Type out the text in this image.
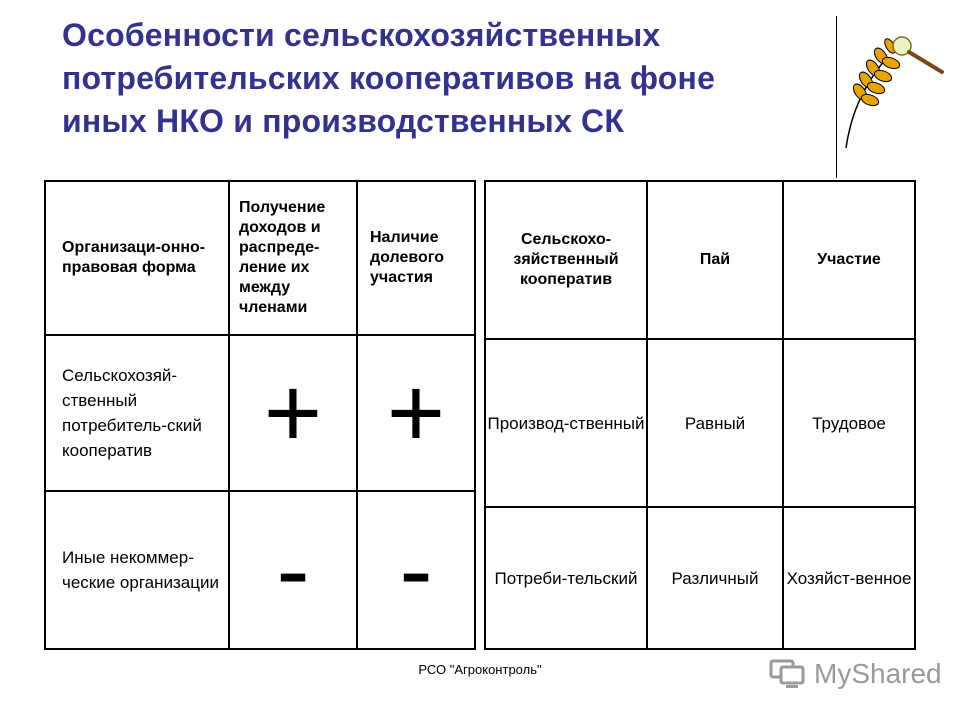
Особенности сельскохозяйственных
потребительских кооперативов на фоне
иных НКО и производственных СК
Организаци-онно-правовая форма	Получение доходов и распреде-ление их между членами	Наличие долевого участия
Сельскохозяй-ственный потребитель-ский кооператив	+	+
Иные некоммер-ческие организации	-	-
Сельскохо-зяйственный кооператив	Пай	Участие
Производ-ственный	Равный	Трудовое
Потреби-тельский	Различный	Хозяйст-венное
РСО "Агроконтроль"	MyShared
